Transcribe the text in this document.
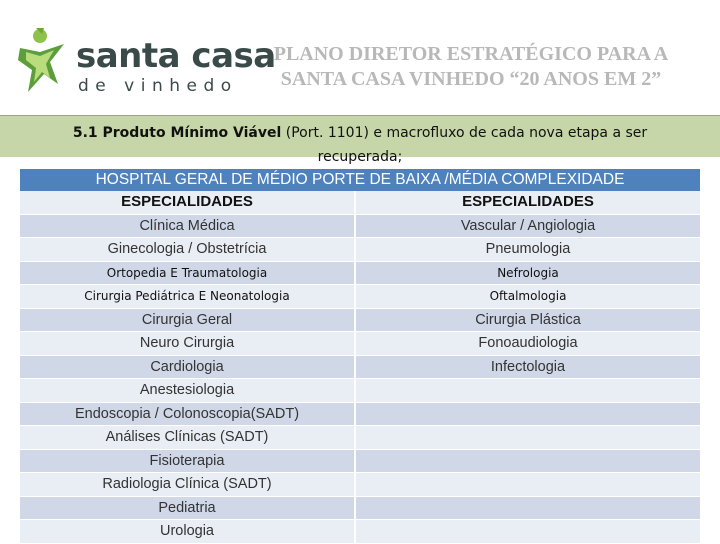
santa casa
de vinhedo
PLANO DIRETOR ESTRATÉGICO PARA A
SANTA CASA VINHEDO “20 ANOS EM 2”
5.1 Produto Mínimo Viável (Port. 1101) e macrofluxo de cada nova etapa a ser
recuperada;
HOSPITAL GERAL DE MÉDIO PORTE DE BAIXA /MÉDIA COMPLEXIDADE
ESPECIALIDADES	ESPECIALIDADES
Clínica Médica	Vascular / Angiologia
Ginecologia / Obstetrícia	Pneumologia
Ortopedia E Traumatologia	Nefrologia
Cirurgia Pediátrica E Neonatologia	Oftalmologia
Cirurgia Geral	Cirurgia Plástica
Neuro Cirurgia	Fonoaudiologia
Cardiologia	Infectologia
Anestesiologia
Endoscopia / Colonoscopia(SADT)
Análises Clínicas (SADT)
Fisioterapia
Radiologia Clínica (SADT)
Pediatria
Urologia
